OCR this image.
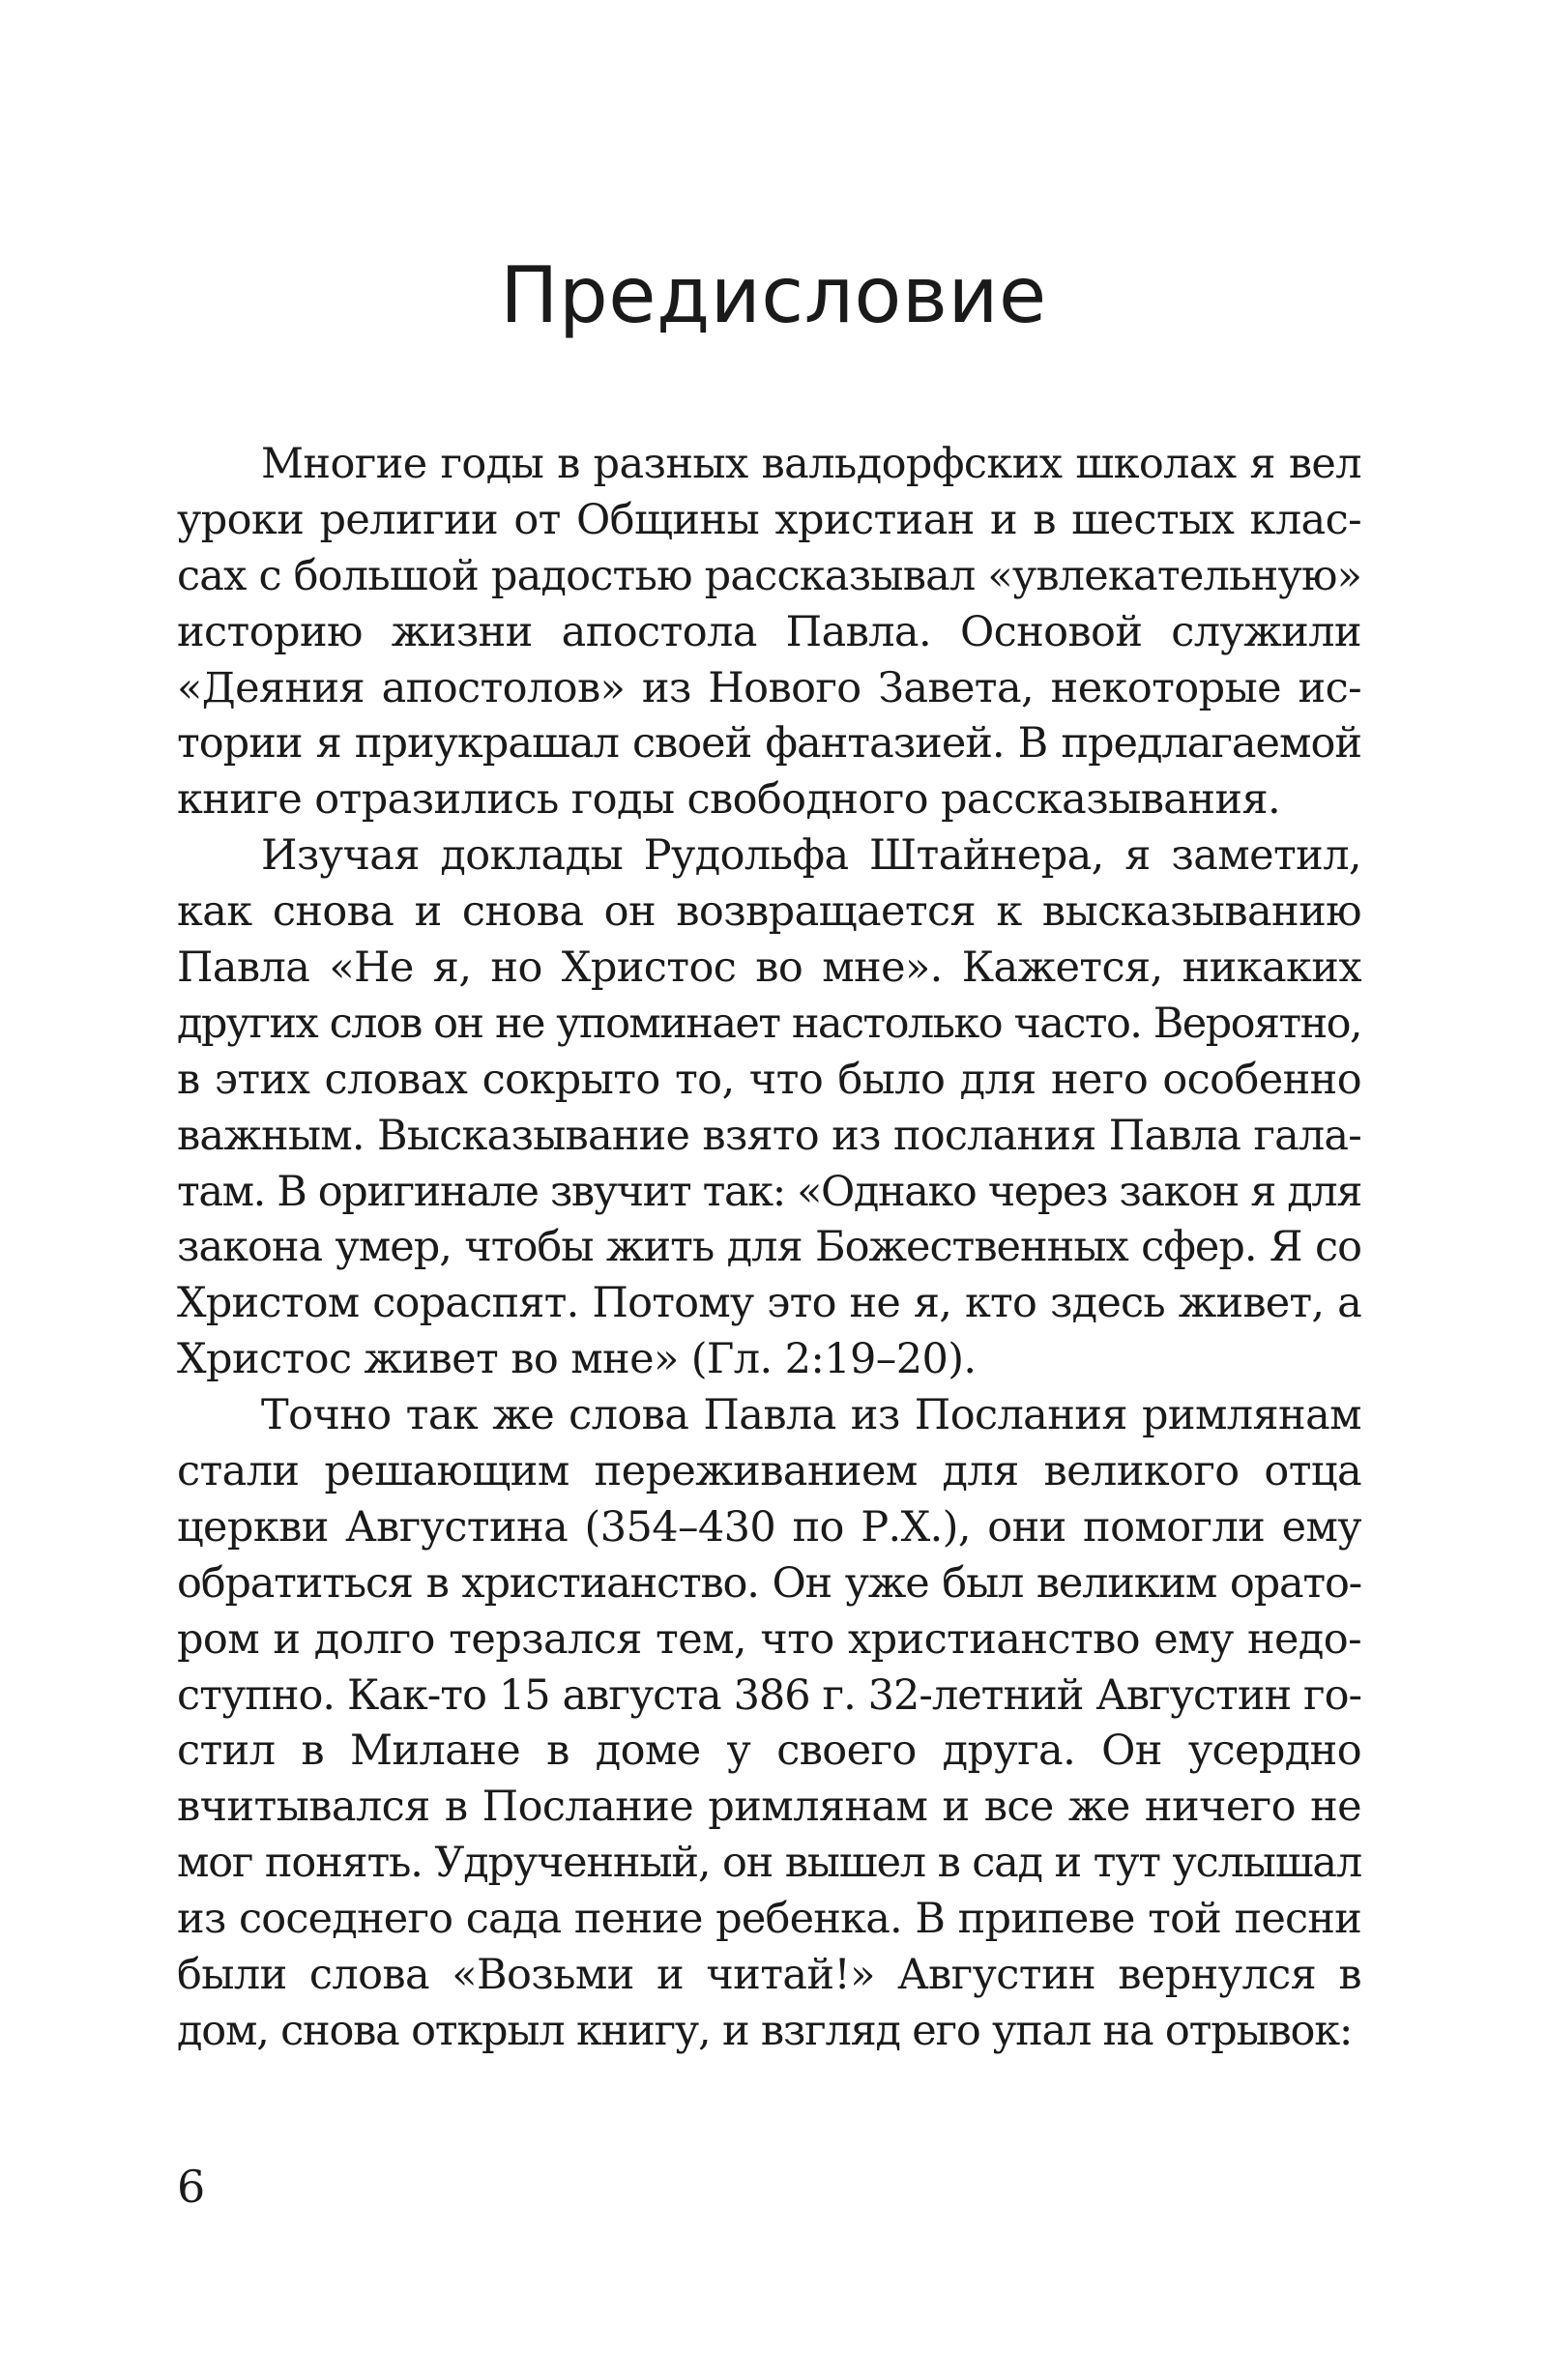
Предисловие

Многие годы в разных вальдорфских школах я вел
уроки религии от Общины христиан и в шестых клас-
сах с большой радостью рассказывал «увлекательную»
историю жизни апостола Павла. Основой служили
«Деяния апостолов» из Нового Завета, некоторые ис-
тории я приукрашал своей фантазией. В предлагаемой
книге отразились годы свободного рассказывания.

Изучая доклады Рудольфа Штайнера, я заметил,
как снова и снова он возвращается к высказыванию
Павла «Не я, но Христос во мне». Кажется, никаких
других слов он не упоминает настолько часто. Вероятно,
в этих словах сокрыто то, что было для него особенно
важным. Высказывание взято из послания Павла гала-
там. В оригинале звучит так: «Однако через закон я для
закона умер, чтобы жить для Божественных сфер. Я со
Христом сораспят. Потому это не я, кто здесь живет, а
Христос живет во мне» (Гл. 2:19–20).

Точно так же слова Павла из Послания римлянам
стали решающим переживанием для великого отца
церкви Августина (354–430 по Р.Х.), они помогли ему
обратиться в христианство. Он уже был великим орато-
ром и долго терзался тем, что христианство ему недо-
ступно. Как-то 15 августа 386 г. 32-летний Августин го-
стил в Милане в доме у своего друга. Он усердно
вчитывался в Послание римлянам и все же ничего не
мог понять. Удрученный, он вышел в сад и тут услышал
из соседнего сада пение ребенка. В припеве той песни
были слова «Возьми и читай!» Августин вернулся в
дом, снова открыл книгу, и взгляд его упал на отрывок:

6
